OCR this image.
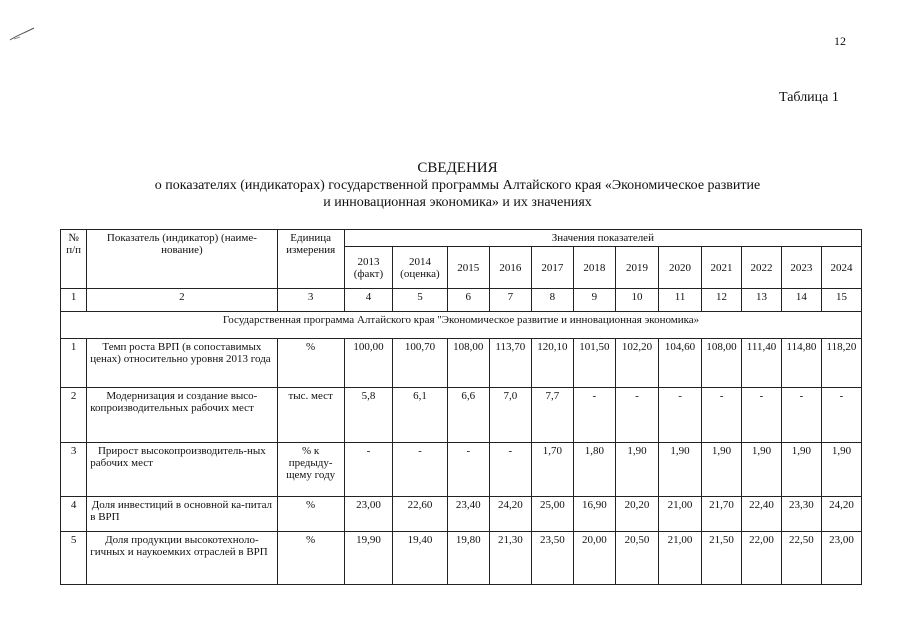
12
Таблица 1
СВЕДЕНИЯ
о показателях (индикаторах) государственной программы Алтайского края «Экономическое развитие
и инновационная экономика» и их значениях
№ п/п	Показатель (индикатор) (наиме-нование)	Единица измерения	Значения показателей											
			2013 (факт)	2014 (оценка)	2015	2016	2017	2018	2019	2020	2021	2022	2023	2024
1	2	3	4	5	6	7	8	9	10	11	12	13	14	15
Государственная программа Алтайского края "Экономическое развитие и инновационная экономика»														
1	Темп роста ВРП (в сопоставимых ценах) относительно уровня 2013 года	%	100,00	100,70	108,00	113,70	120,10	101,50	102,20	104,60	108,00	111,40	114,80	118,20
2	Модернизация и создание высо-копроизводительных рабочих мест	тыс. мест	5,8	6,1	6,6	7,0	7,7	-	-	-	-	-	-	-
3	Прирост высокопроизводитель-ных рабочих мест	% к предыду-щему году	-	-	-	-	1,70	1,80	1,90	1,90	1,90	1,90	1,90	1,90
4	Доля инвестиций в основной ка-питал в ВРП	%	23,00	22,60	23,40	24,20	25,00	16,90	20,20	21,00	21,70	22,40	23,30	24,20
5	Доля продукции высокотехноло-гичных и наукоемких отраслей в ВРП	%	19,90	19,40	19,80	21,30	23,50	20,00	20,50	21,00	21,50	22,00	22,50	23,00
